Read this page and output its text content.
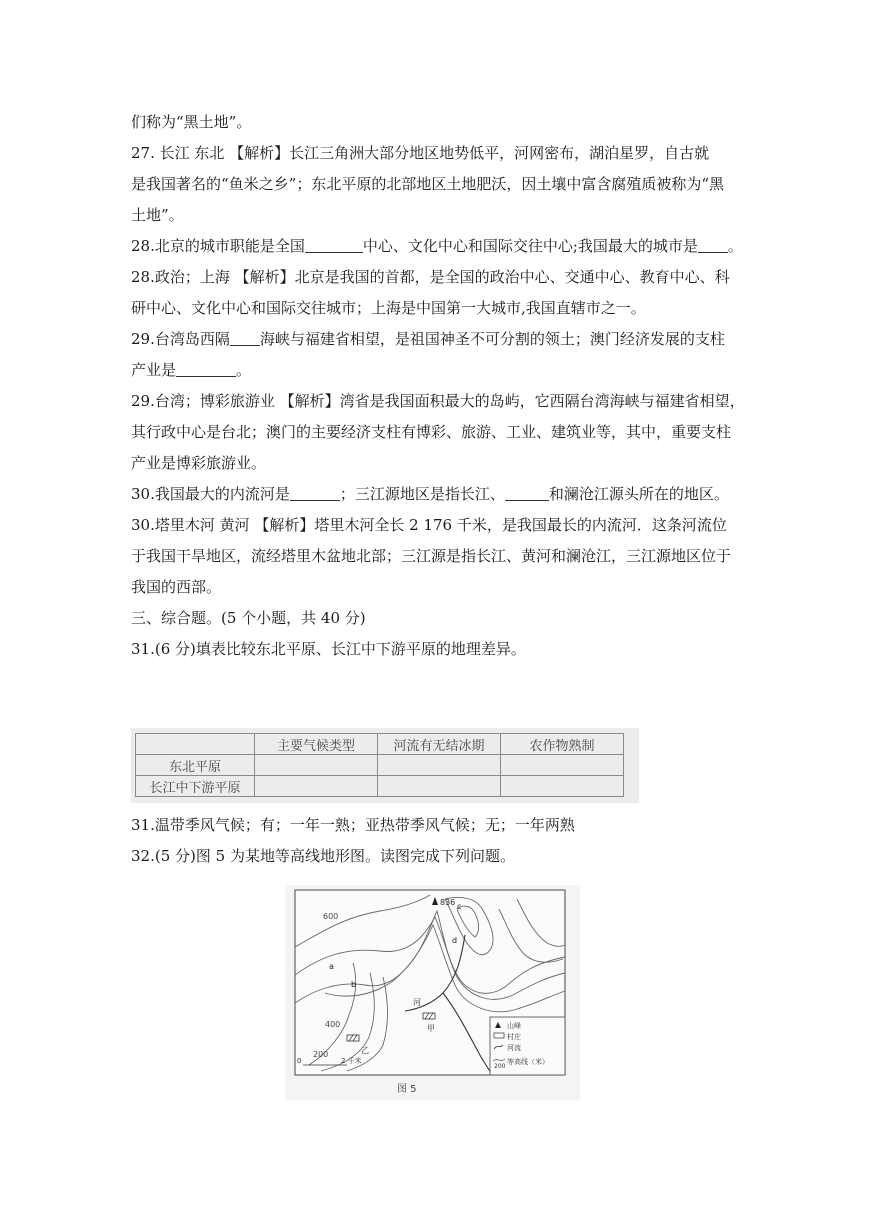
们称为“黑土地”。
27. 长江 东北 【解析】长江三角洲大部分地区地势低平，河网密布，湖泊星罗，自古就
是我国著名的“鱼米之乡”；东北平原的北部地区土地肥沃，因土壤中富含腐殖质被称为“黑
土地”。
28.北京的城市职能是全国	中心、文化中心和国际交往中心;我国最大的城市是 。
28.政治；上海 【解析】北京是我国的首都，是全国的政治中心、交通中心、教育中心、科
研中心、文化中心和国际交往城市；上海是中国第一大城市,我国直辖市之一。
29.台湾岛西隔 海峡与福建省相望，是祖国神圣不可分割的领土；澳门经济发展的支柱
产业是	。
29.台湾；博彩旅游业 【解析】湾省是我国面积最大的岛屿，它西隔台湾海峡与福建省相望，
其行政中心是台北；澳门的主要经济支柱有博彩、旅游、工业、建筑业等，其中，重要支柱
产业是博彩旅游业。
30.我国最大的内流河是	；三江源地区是指长江、	和澜沧江源头所在的地区。
30.塔里木河 黄河 【解析】塔里木河全长 2 176 千米，是我国最长的内流河．这条河流位
于我国干旱地区，流经塔里木盆地北部；三江源是指长江、黄河和澜沧江，三江源地区位于
我国的西部。
三、综合题。(5 个小题，共 40 分)
31.(6 分)填表比较东北平原、长江中下游平原的地理差异。
	主要气候类型	河流有无结冰期	农作物熟制
东北平原			
长江中下游平原			
31.温带季风气候；有；一年一熟；亚热带季风气候；无；一年两熟
32.(5 分)图 5 为某地等高线地形图。读图完成下列问题。
836
600
400
200
a
b
c
d
河
甲
乙
0	2 千米
山峰
村庄
河流
200
等高线（米）
图 5
